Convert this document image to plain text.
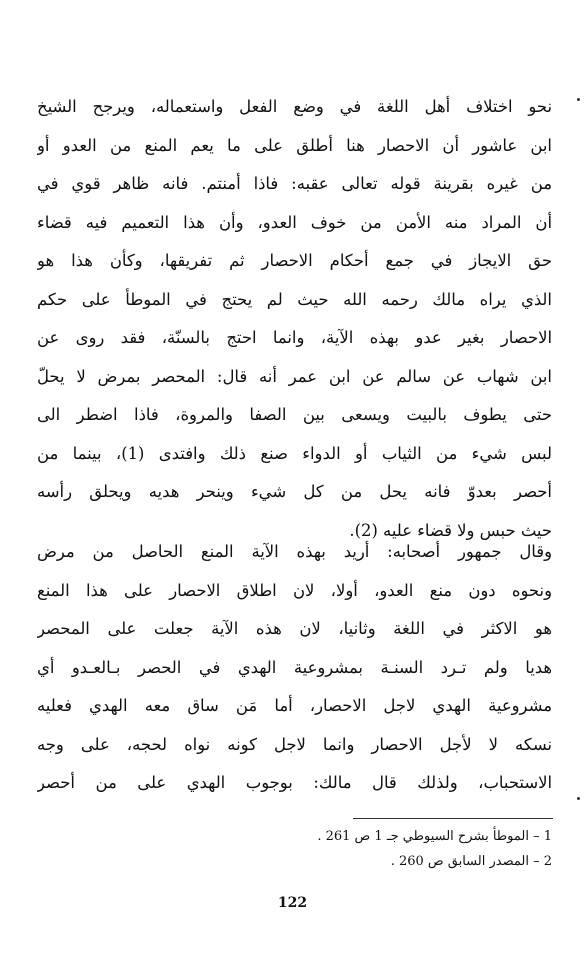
نحو اختلاف أهل اللغة في وضع الفعل واستعماله، ويرجح الشيخ
ابن عاشور أن الاحصار هنا أطلق على ما يعم المنع من العدو أو
من غيره بقرينة قوله تعالى عقبه: فاذا أمنتم. فانه ظاهر قوي في
أن المراد منه الأمن من خوف العدو، وأن هذا التعميم فيه قضاء
حق الايجاز في جمع أحكام الاحصار ثم تفريقها، وكأن هذا هو
الذي يراه مالك رحمه الله حيث لم يحتج في الموطأ على حكم
الاحصار بغير عدو بهذه الآية، وانما احتج بالسنّة، فقد روى عن
ابن شهاب عن سالم عن ابن عمر أنه قال: المحصر بمرض لا يحلّ
حتى يطوف بالبيت ويسعى بين الصفا والمروة، فاذا اضطر الى
لبس شيء من الثياب أو الدواء صنع ذلك وافتدى (1)، بينما من
أحصر بعدوّ فانه يحل من كل شيء وينحر هديه ويحلق رأسه
حيث حبس ولا قضاء عليه (2).
وقال جمهور أصحابه: أريد بهذه الآية المنع الحاصل من مرض
ونحوه دون منع العدو، أولا، لان اطلاق الاحصار على هذا المنع
هو الاكثر في اللغة وثانيا، لان هذه الآية جعلت على المحصر
هديا ولم تـرد السنـة بمشروعية الهدي في الحصر بـالعـدو أي
مشروعية الهدي لاجل الاحصار، أما مَن ساق معه الهدي فعليه
نسكه لا لأجل الاحصار وانما لاجل كونه نواه لحجه، على وجه
الاستحباب، ولذلك قال مالك: بوجوب الهدي على من أحصر
1 – الموطأ بشرح السيوطي جـ 1 ص 261 .
2 – المصدر السابق ص 260 .
122
